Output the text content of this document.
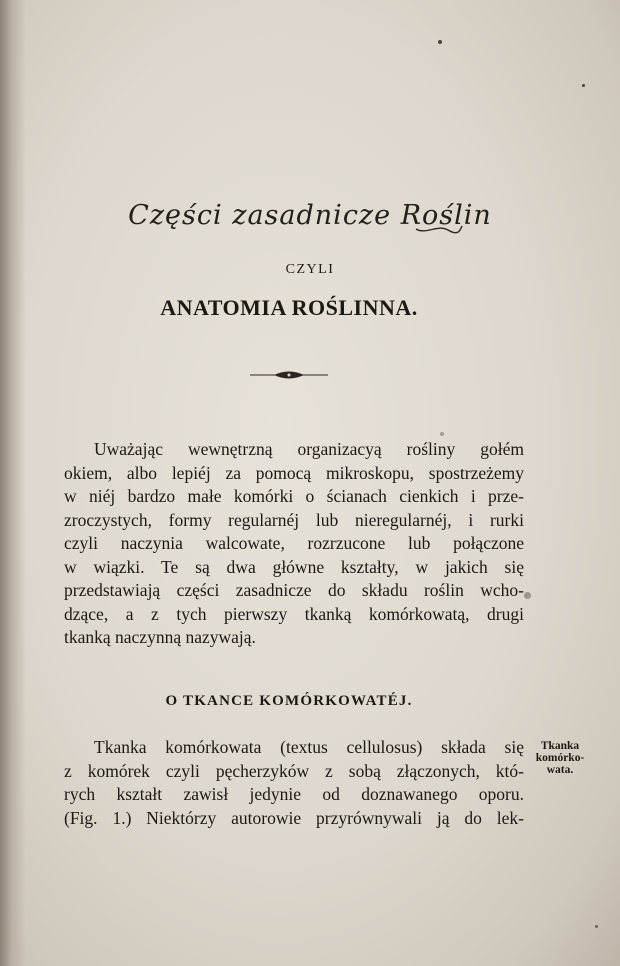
Części zasadnicze Roślin
CZYLI
ANATOMIA ROŚLINNA.
Uważając wewnętrzną organizacyą rośliny gołém
okiem, albo lepiéj za pomocą mikroskopu, spostrzeżemy
w niéj bardzo małe komórki o ścianach cienkich i prze-
zroczystych, formy regularnéj lub nieregularnéj, i rurki
czyli naczynia walcowate, rozrzucone lub połączone
w wiązki. Te są dwa główne kształty, w jakich się
przedstawiają części zasadnicze do składu roślin wcho-
dzące, a z tych pierwszy tkanką komórkowatą, drugi
tkanką naczynną nazywają.
O TKANCE KOMÓRKOWATÉJ.
Tkanka komórkowata (textus cellulosus) składa się
z komórek czyli pęcherzyków z sobą złączonych, któ-
rych kształt zawisł jedynie od doznawanego oporu.
(Fig. 1.) Niektórzy autorowie przyrównywali ją do lek-
Tkanka
komórko-
wata.
